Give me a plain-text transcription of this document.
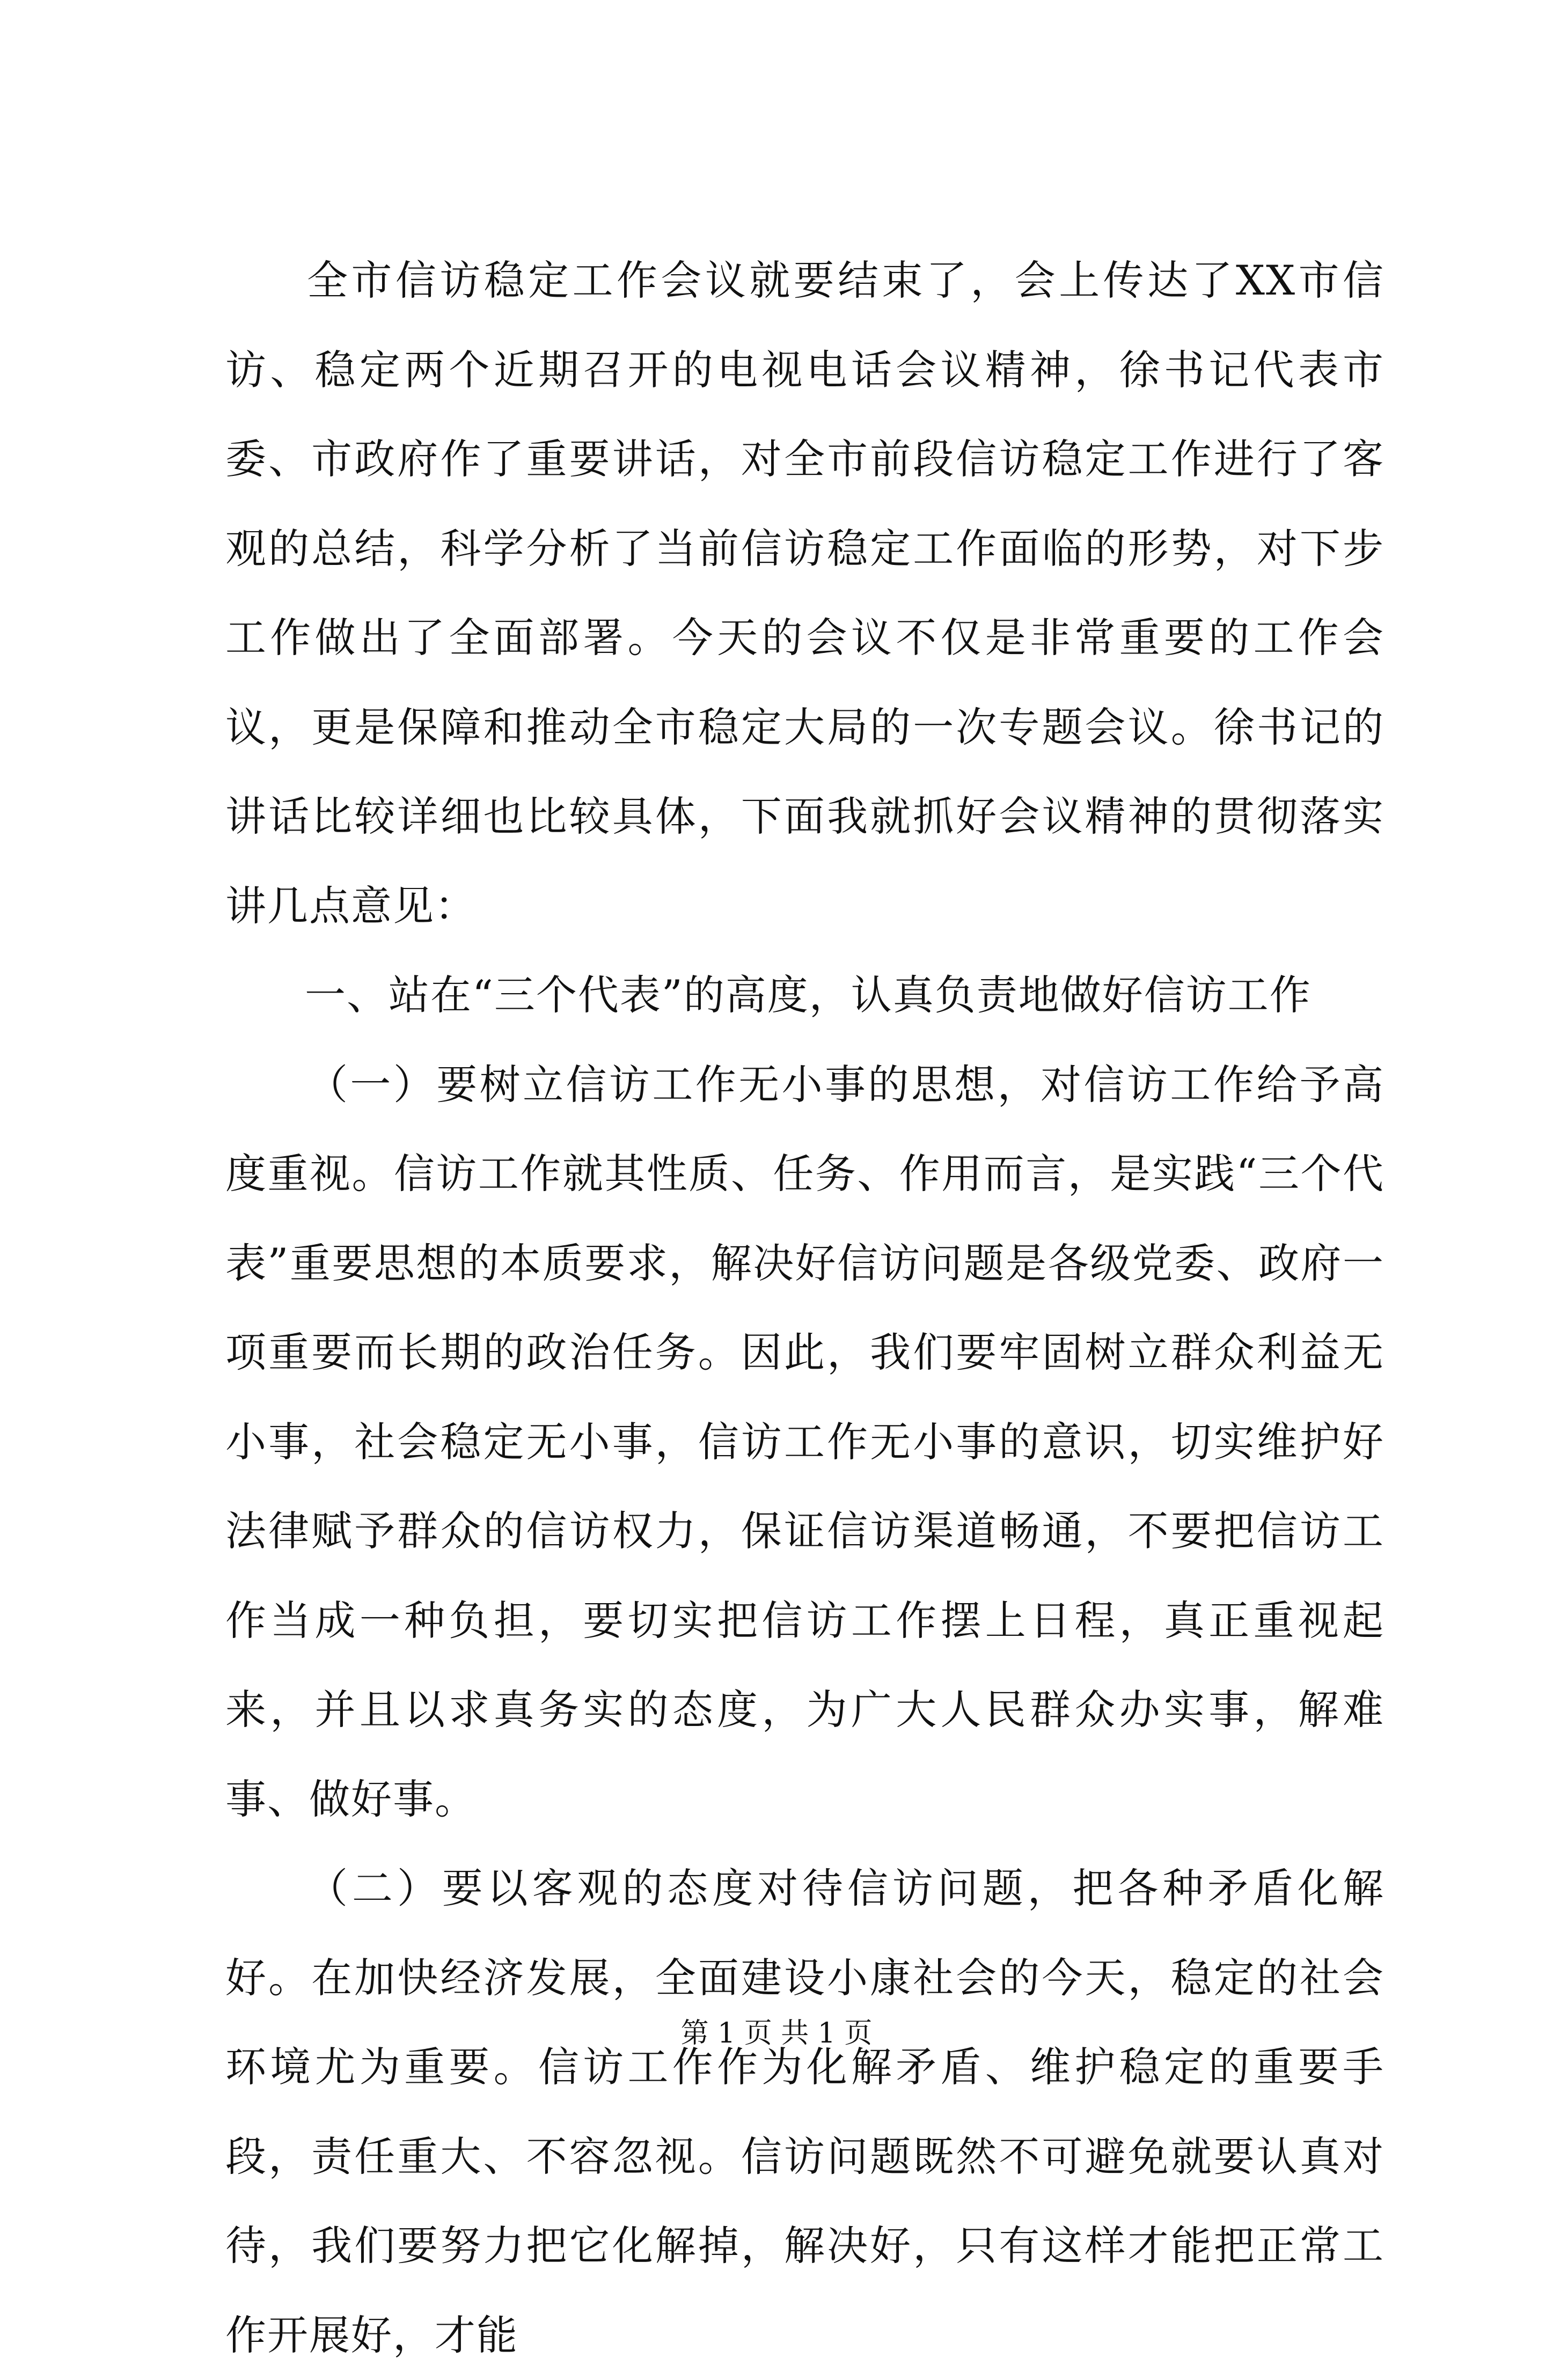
全市信访稳定工作会议就要结束了，会上传达了XX市信访、稳定两个近期召开的电视电话会议精神，徐书记代表市委、市政府作了重要讲话，对全市前段信访稳定工作进行了客观的总结，科学分析了当前信访稳定工作面临的形势，对下步工作做出了全面部署。今天的会议不仅是非常重要的工作会议，更是保障和推动全市稳定大局的一次专题会议。徐书记的讲话比较详细也比较具体，下面我就抓好会议精神的贯彻落实讲几点意见：

一、站在“三个代表”的高度，认真负责地做好信访工作

（一）要树立信访工作无小事的思想，对信访工作给予高度重视。信访工作就其性质、任务、作用而言，是实践“三个代表”重要思想的本质要求，解决好信访问题是各级党委、政府一项重要而长期的政治任务。因此，我们要牢固树立群众利益无小事，社会稳定无小事，信访工作无小事的意识，切实维护好法律赋予群众的信访权力，保证信访渠道畅通，不要把信访工作当成一种负担，要切实把信访工作摆上日程，真正重视起来，并且以求真务实的态度，为广大人民群众办实事，解难事、做好事。

（二）要以客观的态度对待信访问题，把各种矛盾化解好。在加快经济发展，全面建设小康社会的今天，稳定的社会环境尤为重要。信访工作作为化解矛盾、维护稳定的重要手段，责任重大、不容忽视。信访问题既然不可避免就要认真对待，我们要努力把它化解掉，解决好，只有这样才能把正常工作开展好，才能

第 1 页 共 1 页
